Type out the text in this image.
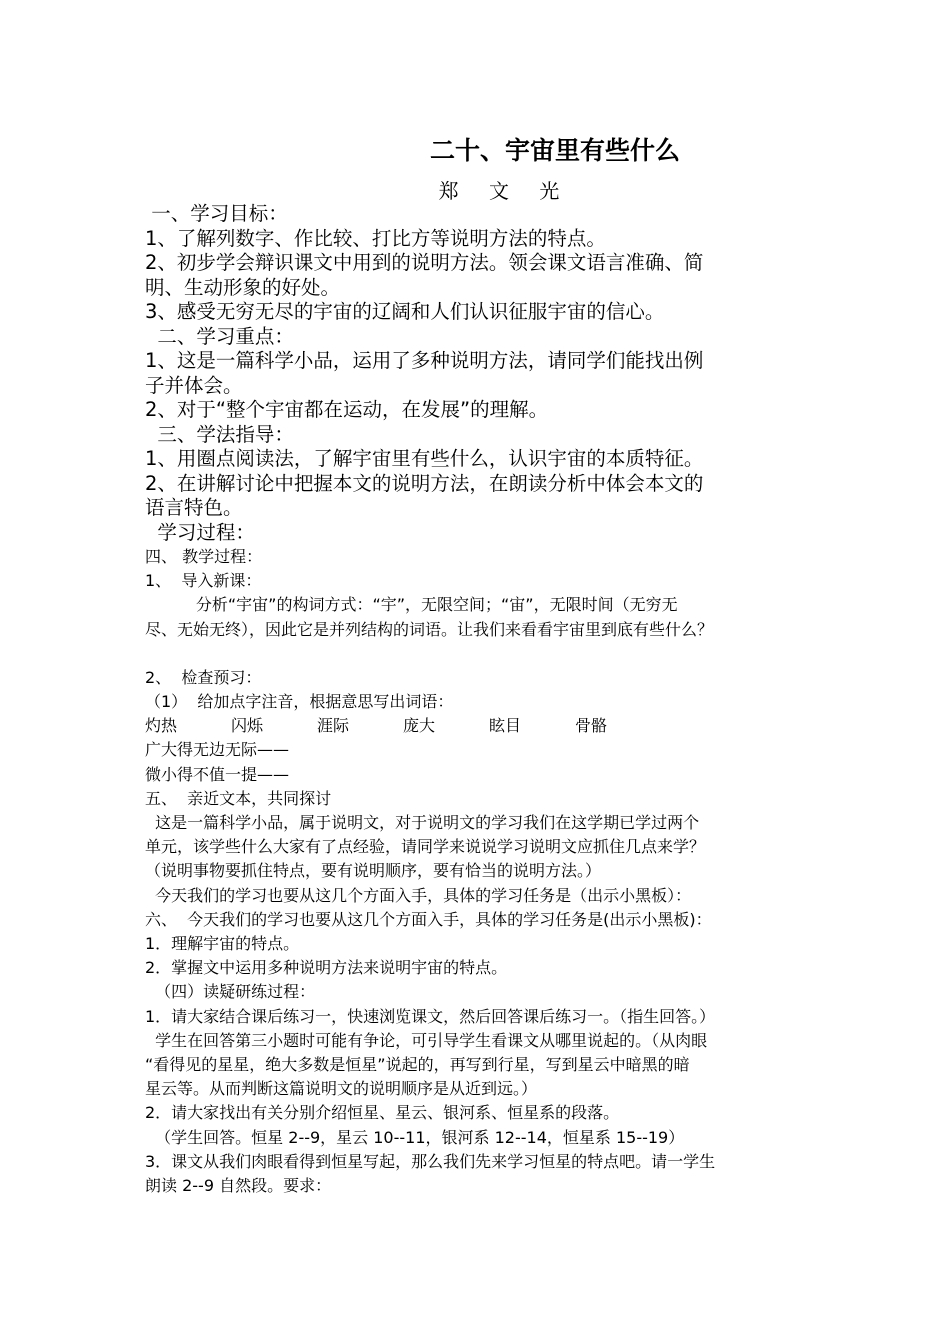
二十、宇宙里有些什么
郑 文 光

一、学习目标：

1、了解列数字、作比较、打比方等说明方法的特点。

2、初步学会辩识课文中用到的说明方法。领会课文语言准确、简

明、生动形象的好处。

3、感受无穷无尽的宇宙的辽阔和人们认识征服宇宙的信心。

二、学习重点：

1、这是一篇科学小品，运用了多种说明方法，请同学们能找出例

子并体会。

2、对于“整个宇宙都在运动，在发展”的理解。

三、学法指导：

1、用圈点阅读法，了解宇宙里有些什么，认识宇宙的本质特征。

2、在讲解讨论中把握本文的说明方法，在朗读分析中体会本文的

语言特色。

学习过程：

四、 教学过程：

1、  导入新课：

分析“宇宙”的构词方式：“宇”，无限空间；“宙”，无限时间（无穷无

尽、无始无终），因此它是并列结构的词语。让我们来看看宇宙里到底有些什么？

2、  检查预习：

（1）  给加点字注音，根据意思写出词语：

灼热	闪烁	涯际	庞大	眩目	骨骼

广大得无边无际——

微小得不值一提——

五、  亲近文本，共同探讨

这是一篇科学小品，属于说明文，对于说明文的学习我们在这学期已学过两个

单元，该学些什么大家有了点经验，请同学来说说学习说明文应抓住几点来学？

（说明事物要抓住特点，要有说明顺序，要有恰当的说明方法。）

今天我们的学习也要从这几个方面入手，具体的学习任务是（出示小黑板）：

六、  今天我们的学习也要从这几个方面入手，具体的学习任务是(出示小黑板)：

1．理解宇宙的特点。

2．掌握文中运用多种说明方法来说明宇宙的特点。

（四）读疑研练过程：

1．请大家结合课后练习一，快速浏览课文，然后回答课后练习一。（指生回答。）

学生在回答第三小题时可能有争论，可引导学生看课文从哪里说起的。（从肉眼

“看得见的星星，绝大多数是恒星”说起的，再写到行星，写到星云中暗黑的暗

星云等。从而判断这篇说明文的说明顺序是从近到远。）

2．请大家找出有关分别介绍恒星、星云、银河系、恒星系的段落。

（学生回答。恒星 2--9，星云 10--11，银河系 12--14，恒星系 15--19）

3．课文从我们肉眼看得到恒星写起，那么我们先来学习恒星的特点吧。请一学生

朗读 2--9 自然段。要求：
